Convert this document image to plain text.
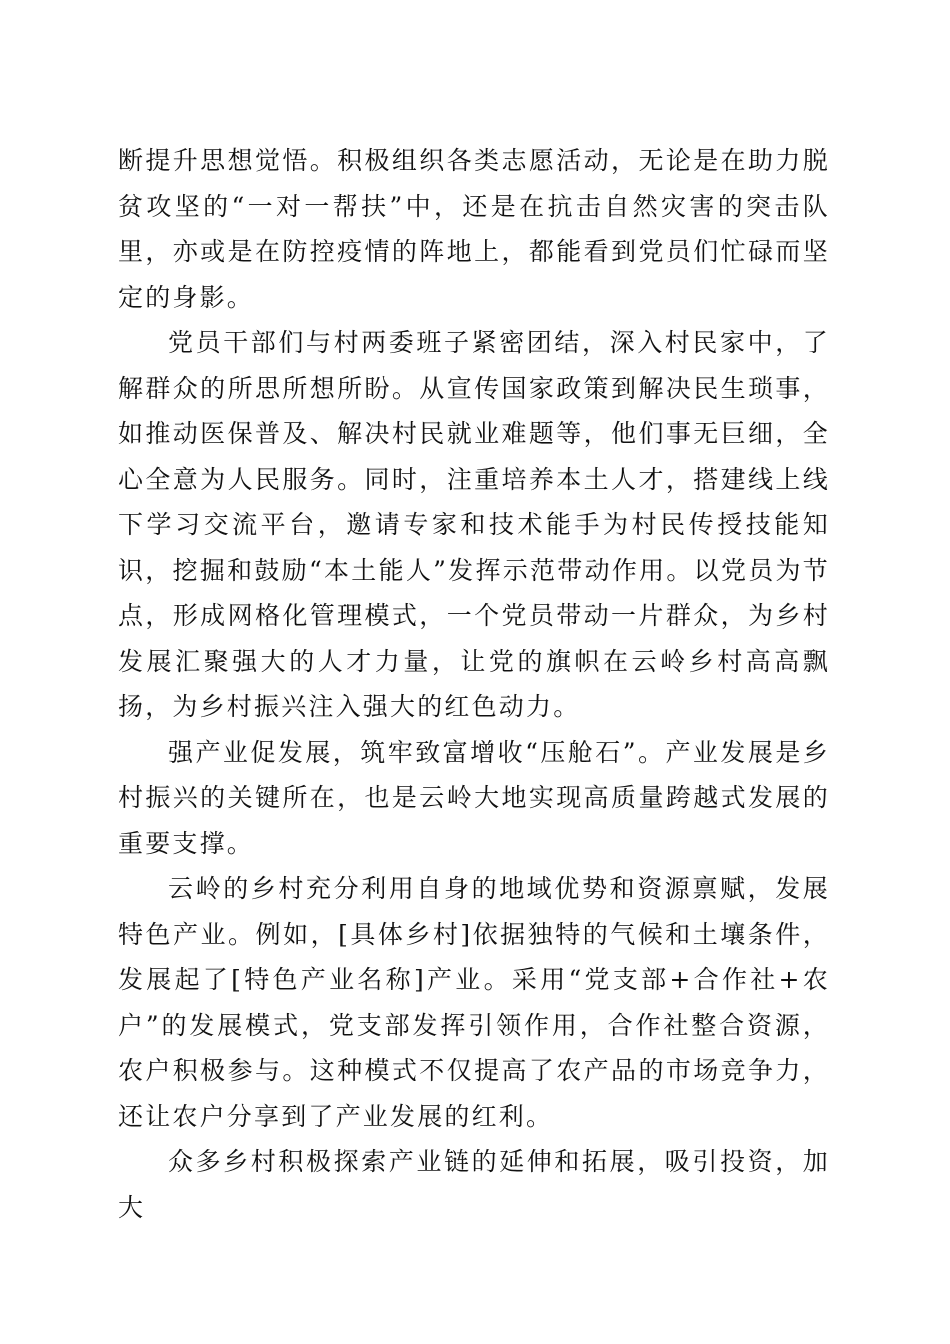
断提升思想觉悟。积极组织各类志愿活动，无论是在助力脱贫攻坚的“一对一帮扶”中，还是在抗击自然灾害的突击队里，亦或是在防控疫情的阵地上，都能看到党员们忙碌而坚定的身影。

党员干部们与村两委班子紧密团结，深入村民家中，了解群众的所思所想所盼。从宣传国家政策到解决民生琐事，如推动医保普及、解决村民就业难题等，他们事无巨细，全心全意为人民服务。同时，注重培养本土人才，搭建线上线下学习交流平台，邀请专家和技术能手为村民传授技能知识，挖掘和鼓励“本土能人”发挥示范带动作用。以党员为节点，形成网格化管理模式，一个党员带动一片群众，为乡村发展汇聚强大的人才力量，让党的旗帜在云岭乡村高高飘扬，为乡村振兴注入强大的红色动力。

强产业促发展，筑牢致富增收“压舱石”。产业发展是乡村振兴的关键所在，也是云岭大地实现高质量跨越式发展的重要支撑。

云岭的乡村充分利用自身的地域优势和资源禀赋，发展特色产业。例如，[具体乡村]依据独特的气候和土壤条件，发展起了[特色产业名称]产业。采用“党支部+合作社+农户”的发展模式，党支部发挥引领作用，合作社整合资源，农户积极参与。这种模式不仅提高了农产品的市场竞争力，还让农户分享到了产业发展的红利。

众多乡村积极探索产业链的延伸和拓展，吸引投资，加大
